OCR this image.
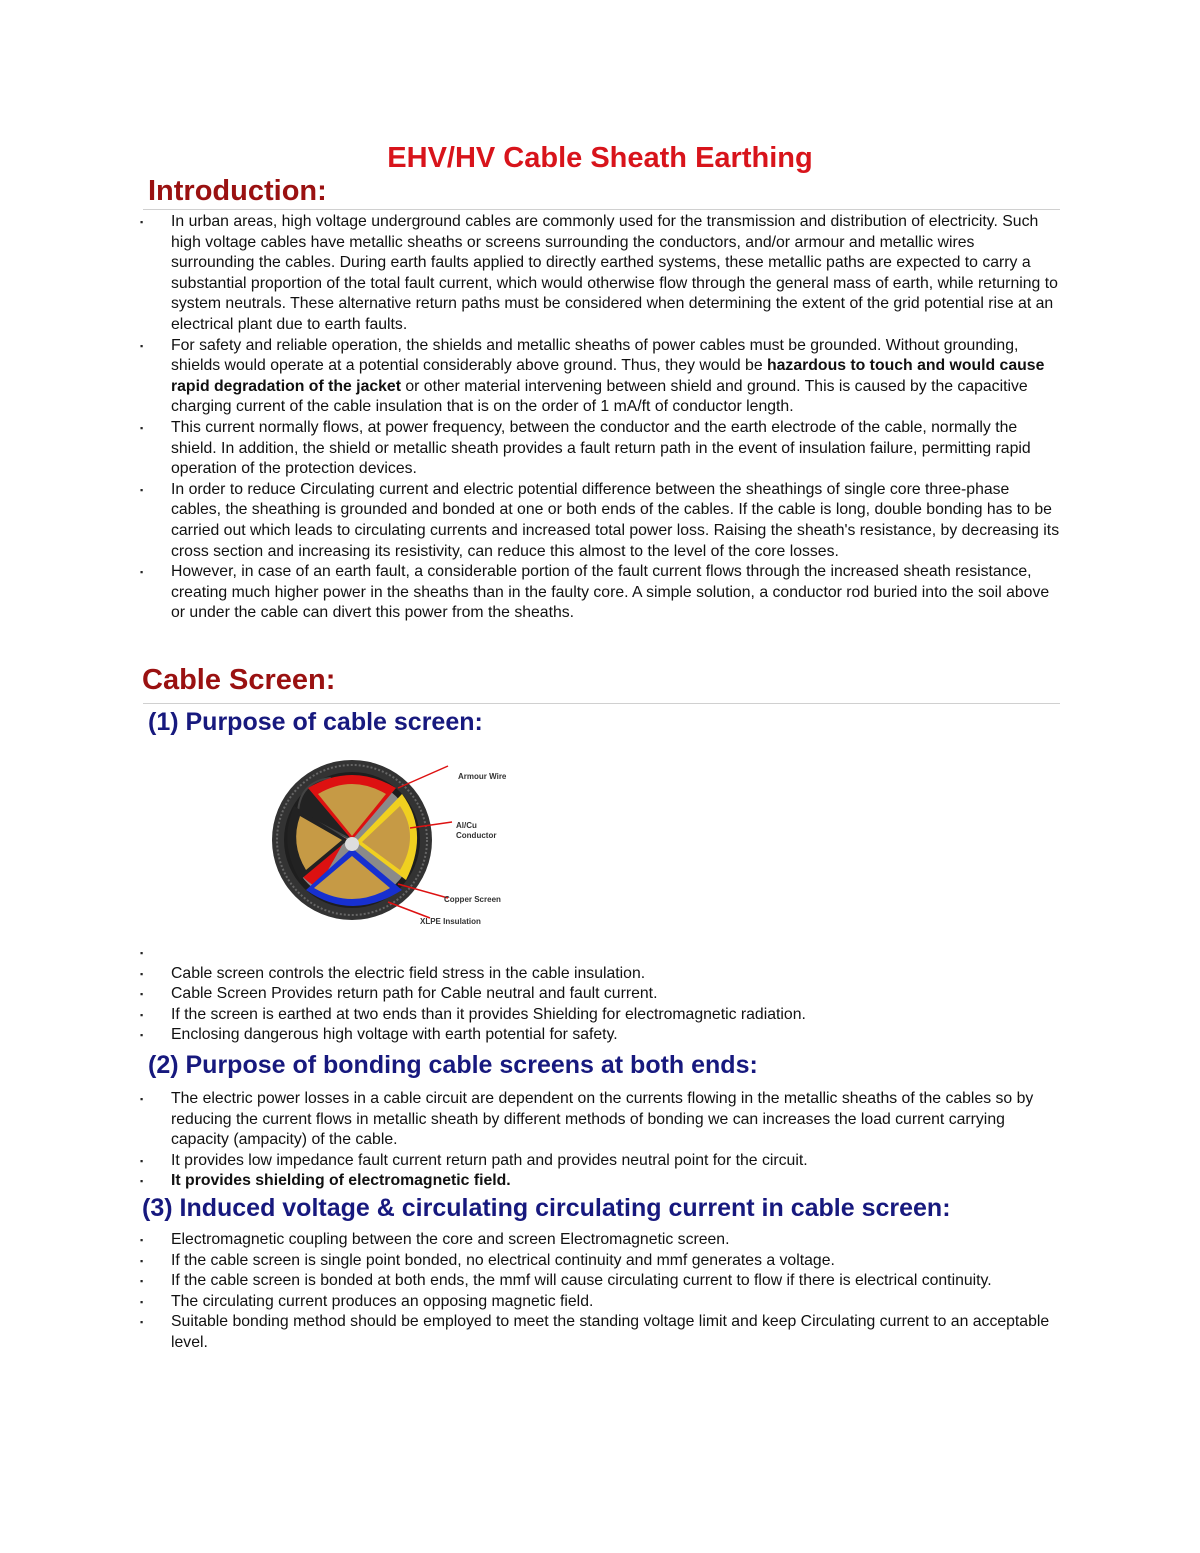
EHV/HV Cable Sheath Earthing
Introduction:
▪	In urban areas, high voltage underground cables are commonly used for the transmission and distribution of electricity. Such high voltage cables have metallic sheaths or screens surrounding the conductors, and/or armour and metallic wires surrounding the cables. During earth faults applied to directly earthed systems, these metallic paths are expected to carry a substantial proportion of the total fault current, which would otherwise flow through the general mass of earth, while returning to system neutrals. These alternative return paths must be considered when determining the extent of the grid potential rise at an electrical plant due to earth faults.
▪	For safety and reliable operation, the shields and metallic sheaths of power cables must be grounded. Without grounding, shields would operate at a potential considerably above ground. Thus, they would be hazardous to touch and would cause rapid degradation of the jacket or other material intervening between shield and ground. This is caused by the capacitive charging current of the cable insulation that is on the order of 1 mA/ft of conductor length.
▪	This current normally flows, at power frequency, between the conductor and the earth electrode of the cable, normally the shield. In addition, the shield or metallic sheath provides a fault return path in the event of insulation failure, permitting rapid operation of the protection devices.
▪	In order to reduce Circulating current and electric potential difference between the sheathings of single core three-phase cables, the sheathing is grounded and bonded at one or both ends of the cables. If the cable is long, double bonding has to be carried out which leads to circulating currents and increased total power loss. Raising the sheath's resistance, by decreasing its cross section and increasing its resistivity, can reduce this almost to the level of the core losses.
▪	However, in case of an earth fault, a considerable portion of the fault current flows through the increased sheath resistance, creating much higher power in the sheaths than in the faulty core. A simple solution, a conductor rod buried into the soil above or under the cable can divert this power from the sheaths.
Cable Screen:
(1) Purpose of cable screen:
Armour Wire
Al/Cu
Conductor
Copper Screen
XLPE Insulation
▪

▪	Cable screen controls the electric field stress in the cable insulation.
▪	Cable Screen Provides return path for Cable neutral and fault current.
▪	If the screen is earthed at two ends than it provides Shielding for electromagnetic radiation.
▪	Enclosing dangerous high voltage with earth potential for safety.
(2) Purpose of bonding cable screens at both ends:
▪	The electric power losses in a cable circuit are dependent on the currents flowing in the metallic sheaths of the cables so by reducing the current flows in metallic sheath by different methods of bonding we can increases the load current carrying capacity (ampacity) of the cable.
▪	It provides low impedance fault current return path and provides neutral point for the circuit.
▪	It provides shielding of electromagnetic field.
(3) Induced voltage & circulating circulating current in cable screen:
▪	Electromagnetic coupling between the core and screen Electromagnetic screen.
▪	If the cable screen is single point bonded, no electrical continuity and mmf generates a voltage.
▪	If the cable screen is bonded at both ends, the mmf will cause circulating current to flow if there is electrical continuity.
▪	The circulating current produces an opposing magnetic field.
▪	Suitable bonding method should be employed to meet the standing voltage limit and keep Circulating current to an acceptable level.
